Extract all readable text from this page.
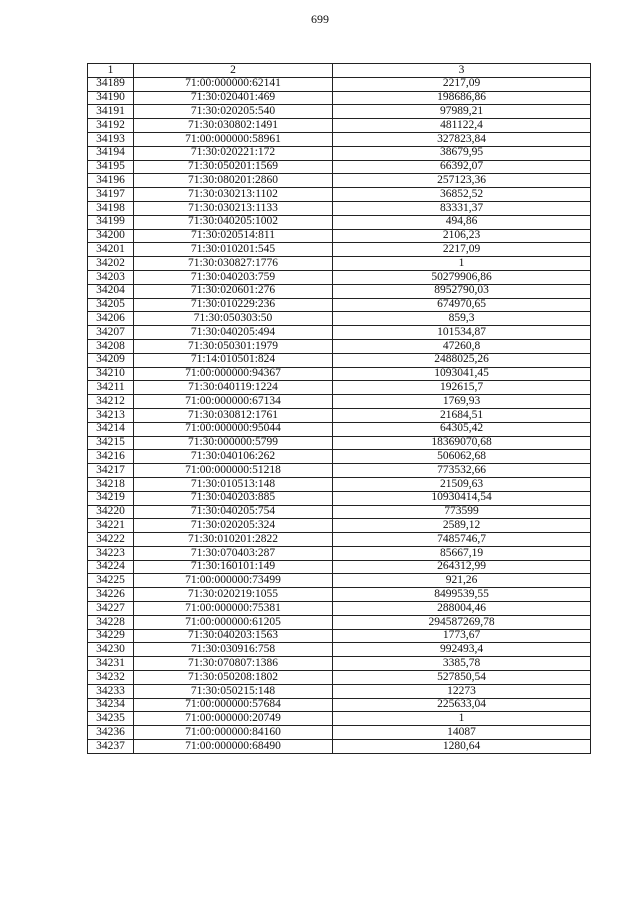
699
1	2	3
34189	71:00:000000:62141	2217,09
34190	71:30:020401:469	198686,86
34191	71:30:020205:540	97989,21
34192	71:30:030802:1491	481122,4
34193	71:00:000000:58961	327823,84
34194	71:30:020221:172	38679,95
34195	71:30:050201:1569	66392,07
34196	71:30:080201:2860	257123,36
34197	71:30:030213:1102	36852,52
34198	71:30:030213:1133	83331,37
34199	71:30:040205:1002	494,86
34200	71:30:020514:811	2106,23
34201	71:30:010201:545	2217,09
34202	71:30:030827:1776	1
34203	71:30:040203:759	50279906,86
34204	71:30:020601:276	8952790,03
34205	71:30:010229:236	674970,65
34206	71:30:050303:50	859,3
34207	71:30:040205:494	101534,87
34208	71:30:050301:1979	47260,8
34209	71:14:010501:824	2488025,26
34210	71:00:000000:94367	1093041,45
34211	71:30:040119:1224	192615,7
34212	71:00:000000:67134	1769,93
34213	71:30:030812:1761	21684,51
34214	71:00:000000:95044	64305,42
34215	71:30:000000:5799	18369070,68
34216	71:30:040106:262	506062,68
34217	71:00:000000:51218	773532,66
34218	71:30:010513:148	21509,63
34219	71:30:040203:885	10930414,54
34220	71:30:040205:754	773599
34221	71:30:020205:324	2589,12
34222	71:30:010201:2822	7485746,7
34223	71:30:070403:287	85667,19
34224	71:30:160101:149	264312,99
34225	71:00:000000:73499	921,26
34226	71:30:020219:1055	8499539,55
34227	71:00:000000:75381	288004,46
34228	71:00:000000:61205	294587269,78
34229	71:30:040203:1563	1773,67
34230	71:30:030916:758	992493,4
34231	71:30:070807:1386	3385,78
34232	71:30:050208:1802	527850,54
34233	71:30:050215:148	12273
34234	71:00:000000:57684	225633,04
34235	71:00:000000:20749	1
34236	71:00:000000:84160	14087
34237	71:00:000000:68490	1280,64
